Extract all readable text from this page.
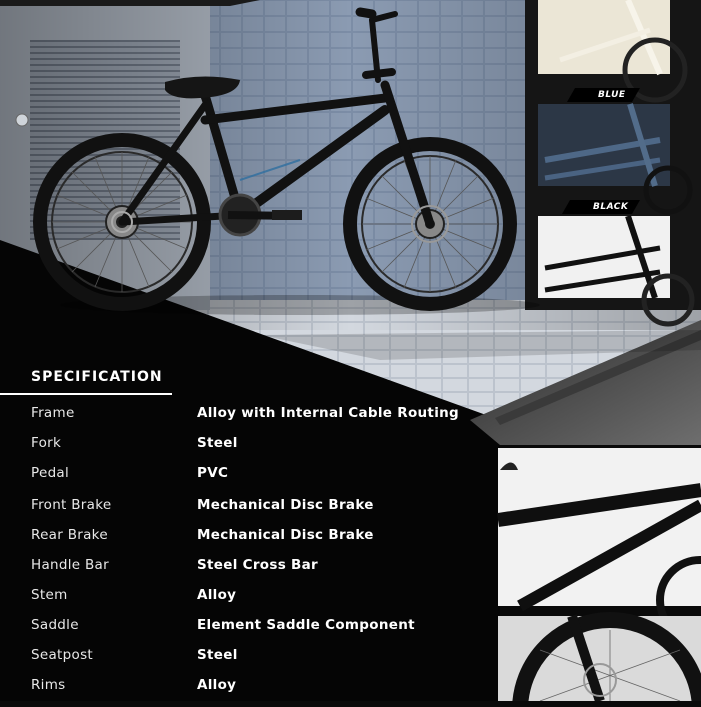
BLUE
BLACK
SPECIFICATION
Frame	Alloy with Internal Cable Routing
Fork	Steel
Pedal	PVC
Front Brake	Mechanical Disc Brake
Rear Brake	Mechanical Disc Brake
Handle Bar	Steel Cross Bar
Stem	Alloy
Saddle	Element Saddle Component
Seatpost	Steel
Rims	Alloy
